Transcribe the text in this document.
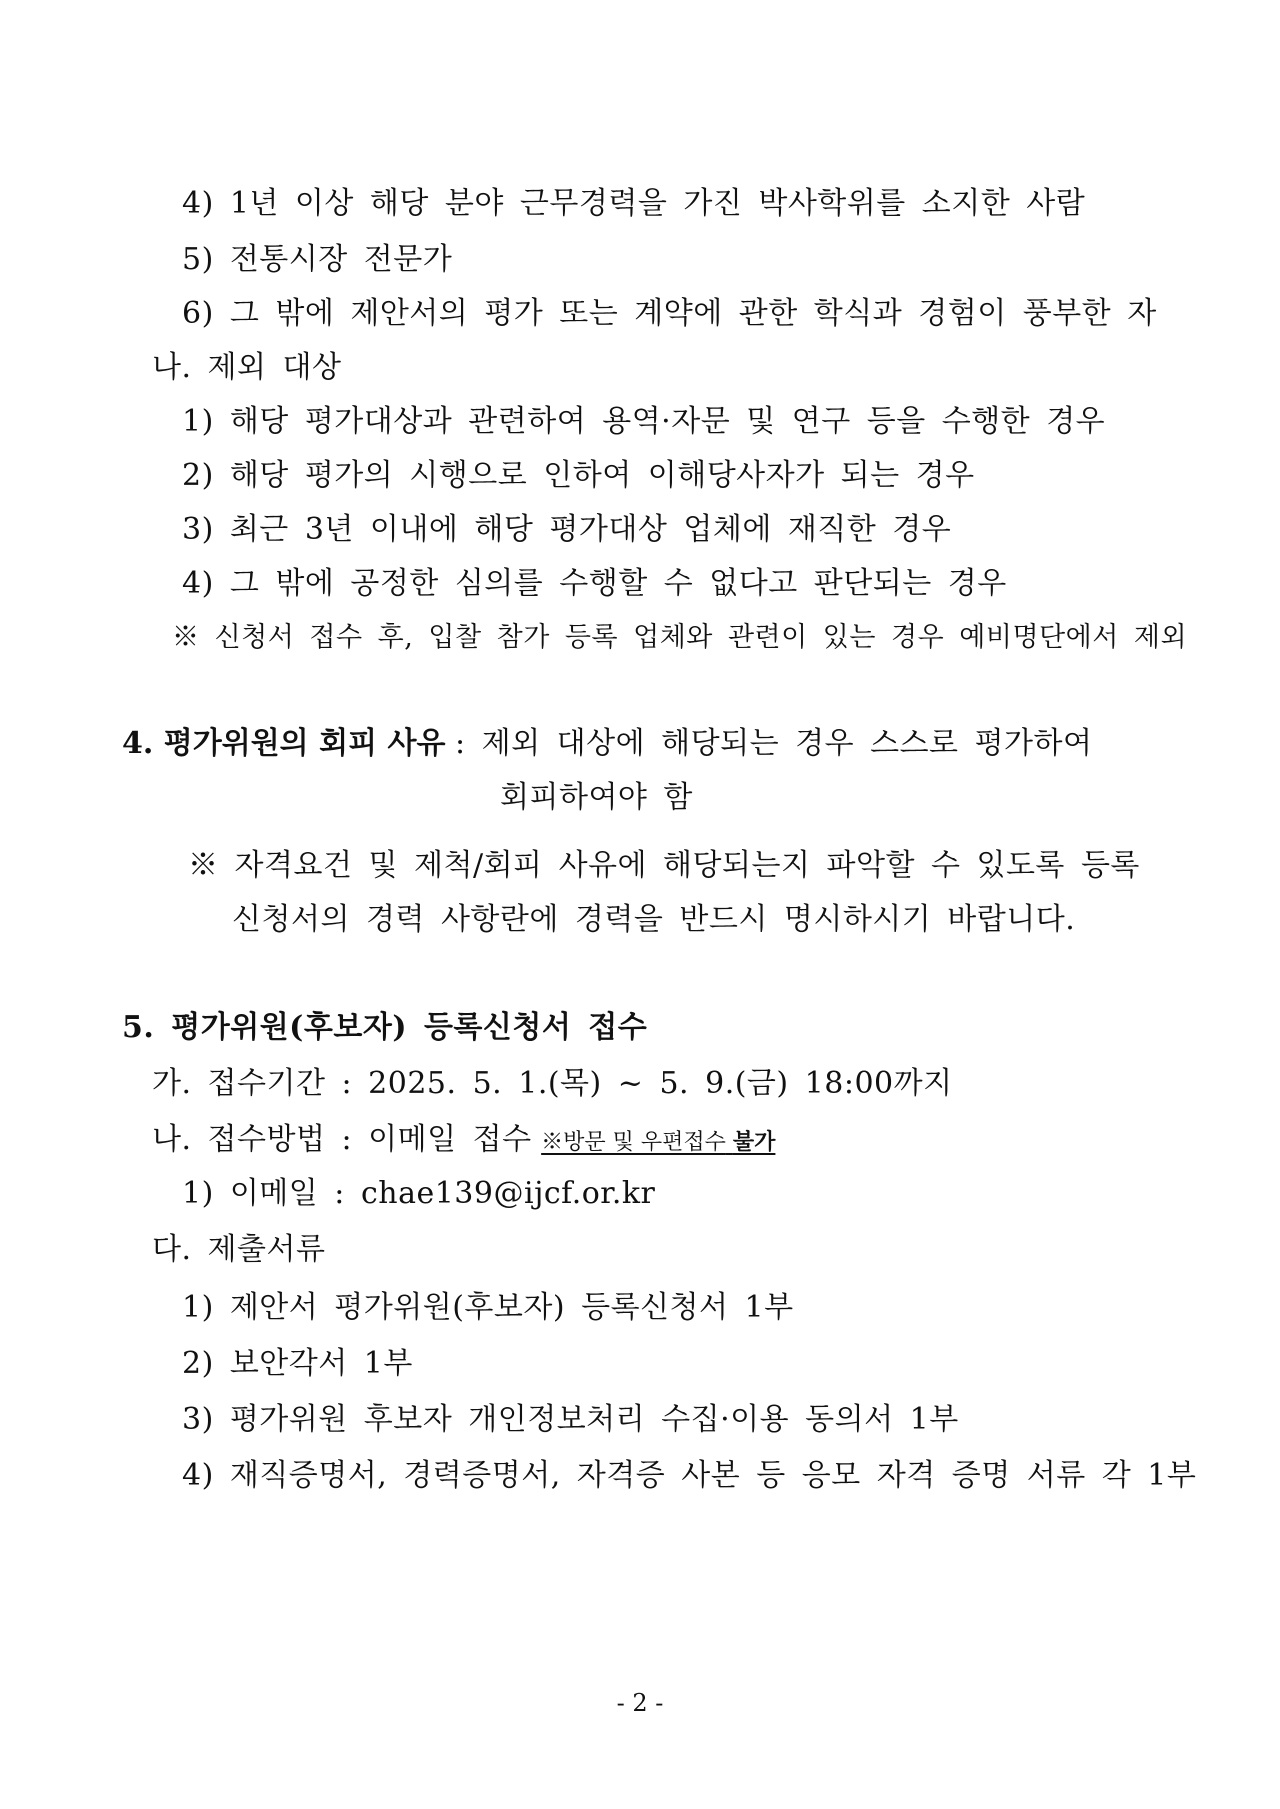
4) 1년 이상 해당 분야 근무경력을 가진 박사학위를 소지한 사람
5) 전통시장 전문가
6) 그 밖에 제안서의 평가 또는 계약에 관한 학식과 경험이 풍부한 자
나. 제외 대상
1) 해당 평가대상과 관련하여 용역·자문 및 연구 등을 수행한 경우
2) 해당 평가의 시행으로 인하여 이해당사자가 되는 경우
3) 최근 3년 이내에 해당 평가대상 업체에 재직한 경우
4) 그 밖에 공정한 심의를 수행할 수 없다고 판단되는 경우
※ 신청서 접수 후, 입찰 참가 등록 업체와 관련이 있는 경우 예비명단에서 제외
4. 평가위원의 회피 사유 : 제외 대상에 해당되는 경우 스스로 평가하여
회피하여야 함
※ 자격요건 및 제척/회피 사유에 해당되는지 파악할 수 있도록 등록
신청서의 경력 사항란에 경력을 반드시 명시하시기 바랍니다.
5. 평가위원(후보자) 등록신청서 접수
가. 접수기간 : 2025. 5. 1.(목) ~ 5. 9.(금) 18:00까지
나. 접수방법 : 이메일 접수 ※방문 및 우편접수 불가
1) 이메일 : chae139@ijcf.or.kr
다. 제출서류
1) 제안서 평가위원(후보자) 등록신청서 1부
2) 보안각서 1부
3) 평가위원 후보자 개인정보처리 수집·이용 동의서 1부
4) 재직증명서, 경력증명서, 자격증 사본 등 응모 자격 증명 서류 각 1부
- 2 -
